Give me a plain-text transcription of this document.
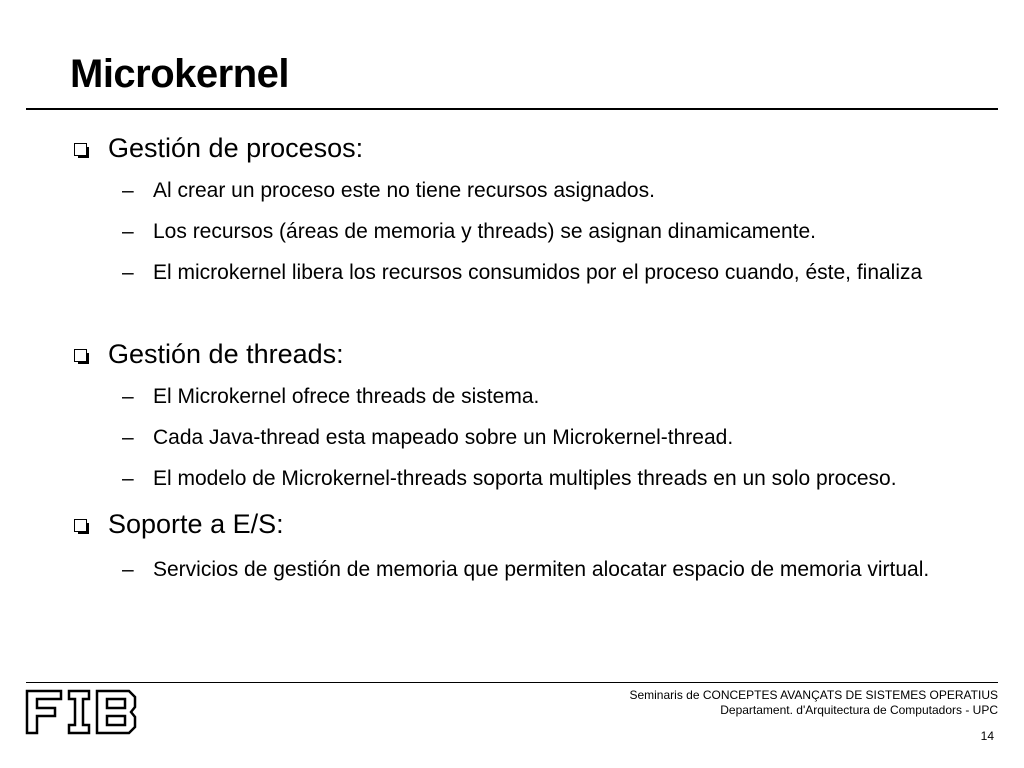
Microkernel
Gestión de procesos:
– Al crear un proceso este no tiene recursos asignados.
– Los recursos (áreas de memoria y threads) se asignan dinamicamente.
– El microkernel libera los recursos consumidos por el proceso cuando, éste, finaliza
Gestión de threads:
– El Microkernel ofrece threads de sistema.
– Cada Java-thread esta mapeado sobre un Microkernel-thread.
– El modelo de Microkernel-threads soporta multiples threads en un solo proceso.
Soporte a E/S:
– Servicios de gestión de memoria que permiten alocatar espacio de memoria virtual.
FIB	Seminaris de CONCEPTES AVANÇATS DE SISTEMES OPERATIUS
Departament. d'Arquitectura de Computadors - UPC
14
